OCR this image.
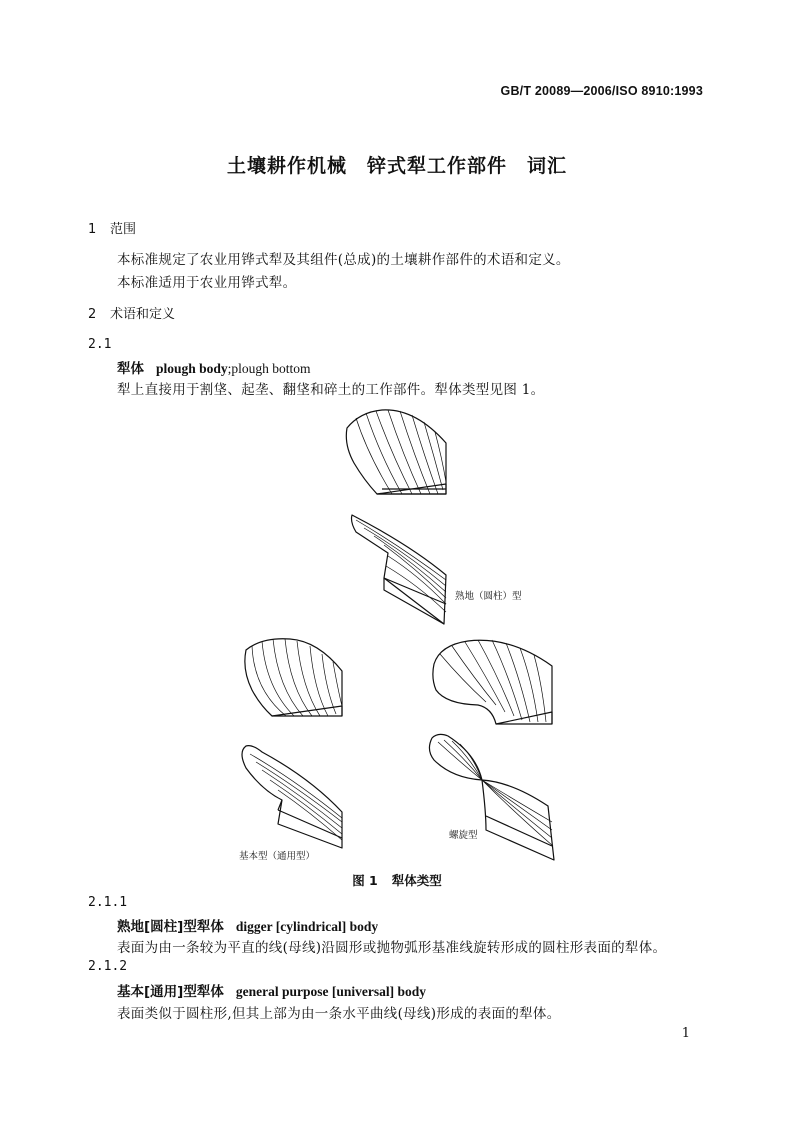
GB/T 20089—2006/ISO 8910:1993
土壤耕作机械　锌式犁工作部件　词汇
1 范围
本标准规定了农业用铧式犁及其组件(总成)的土壤耕作部件的术语和定义。
本标准适用于农业用铧式犁。
2 术语和定义
2.1
犁体 plough body;plough bottom
犁上直接用于割垡、起垄、翻垡和碎土的工作部件。犁体类型见图 1。
熟地（圆柱）型
基本型（通用型）
螺旋型
图 1 犁体类型
2.1.1
熟地[圆柱]型犁体 digger [cylindrical] body
表面为由一条较为平直的线(母线)沿圆形或抛物弧形基准线旋转形成的圆柱形表面的犁体。
2.1.2
基本[通用]型犁体 general purpose [universal] body
表面类似于圆柱形,但其上部为由一条水平曲线(母线)形成的表面的犁体。
1
